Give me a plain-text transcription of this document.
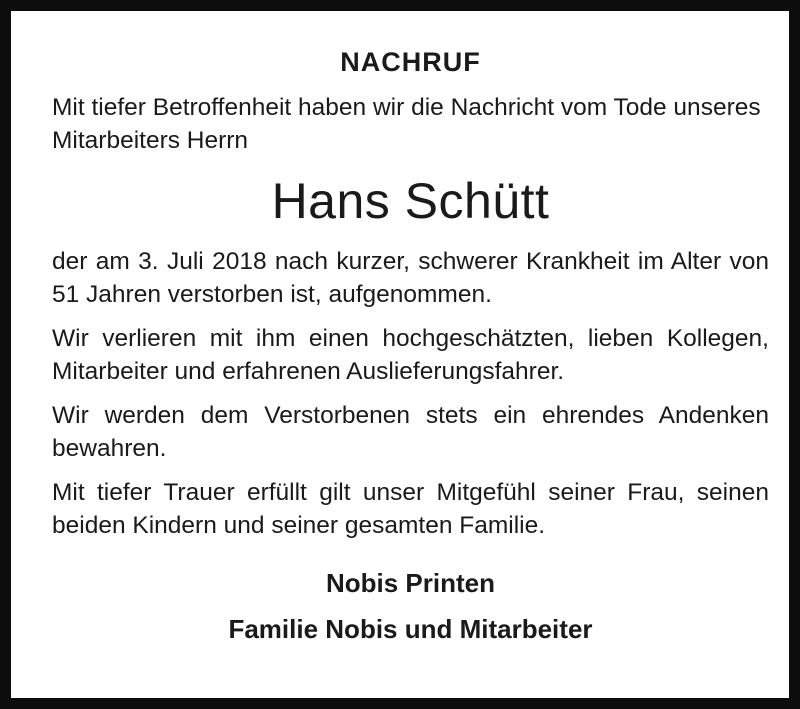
NACHRUF

Mit tiefer Betroffenheit haben wir die Nachricht vom Tode unseres Mitarbeiters Herrn

Hans Schütt

der am 3. Juli 2018 nach kurzer, schwerer Krankheit im Alter von 51 Jahren verstorben ist, aufgenommen.

Wir verlieren mit ihm einen hochgeschätzten, lieben Kollegen, Mitarbeiter und erfahrenen Auslieferungsfahrer.

Wir werden dem Verstorbenen stets ein ehrendes Andenken bewahren.

Mit tiefer Trauer erfüllt gilt unser Mitgefühl seiner Frau, seinen beiden Kindern und seiner gesamten Familie.

Nobis Printen

Familie Nobis und Mitarbeiter
